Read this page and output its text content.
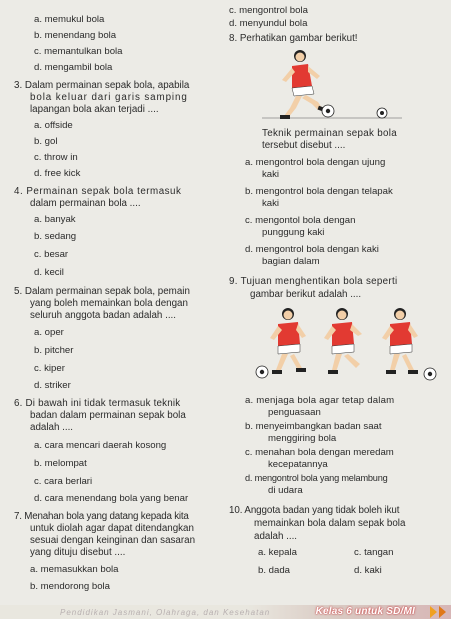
a. memukul bola
b. menendang bola
c. memantulkan bola
d. mengambil bola
3. Dalam permainan sepak bola, apabila
bola keluar dari garis samping
lapangan bola akan terjadi ....
a. offside
b. gol
c. throw in
d. free kick
4. Permainan sepak bola termasuk
dalam permainan bola ....
a. banyak
b. sedang
c. besar
d. kecil
5. Dalam permainan sepak bola, pemain
yang boleh memainkan bola dengan
seluruh anggota badan adalah ....
a. oper
b. pitcher
c. kiper
d. striker
6. Di bawah ini tidak termasuk teknik
badan dalam permainan sepak bola
adalah ....
a. cara mencari daerah kosong
b. melompat
c. cara berlari
d. cara menendang bola yang benar
7. Menahan bola yang datang kepada kita
untuk diolah agar dapat ditendangkan
sesuai dengan keinginan dan sasaran
yang dituju disebut ....
a. memasukkan bola
b. mendorong bola
c. mengontrol bola
d. menyundul bola
8. Perhatikan gambar berikut!
Teknik permainan sepak bola
tersebut disebut ....
a. mengontrol bola dengan ujung
kaki
b. mengontrol bola dengan telapak
kaki
c. mengontol bola dengan
punggung kaki
d. mengontrol bola dengan kaki
bagian dalam
9. Tujuan menghentikan bola seperti
gambar berikut adalah ....
a. menjaga bola agar tetap dalam
penguasaan
b. menyeimbangkan badan saat
menggiring bola
c. menahan bola dengan meredam
kecepatannya
d. mengontrol bola yang melambung
di udara
10. Anggota badan yang tidak boleh ikut
memainkan bola dalam sepak bola
adalah ....
a. kepala	c. tangan
b. dada	d. kaki
Pendidikan Jasmani, Olahraga, dan Kesehatan	Kelas 6 untuk SD/MI
